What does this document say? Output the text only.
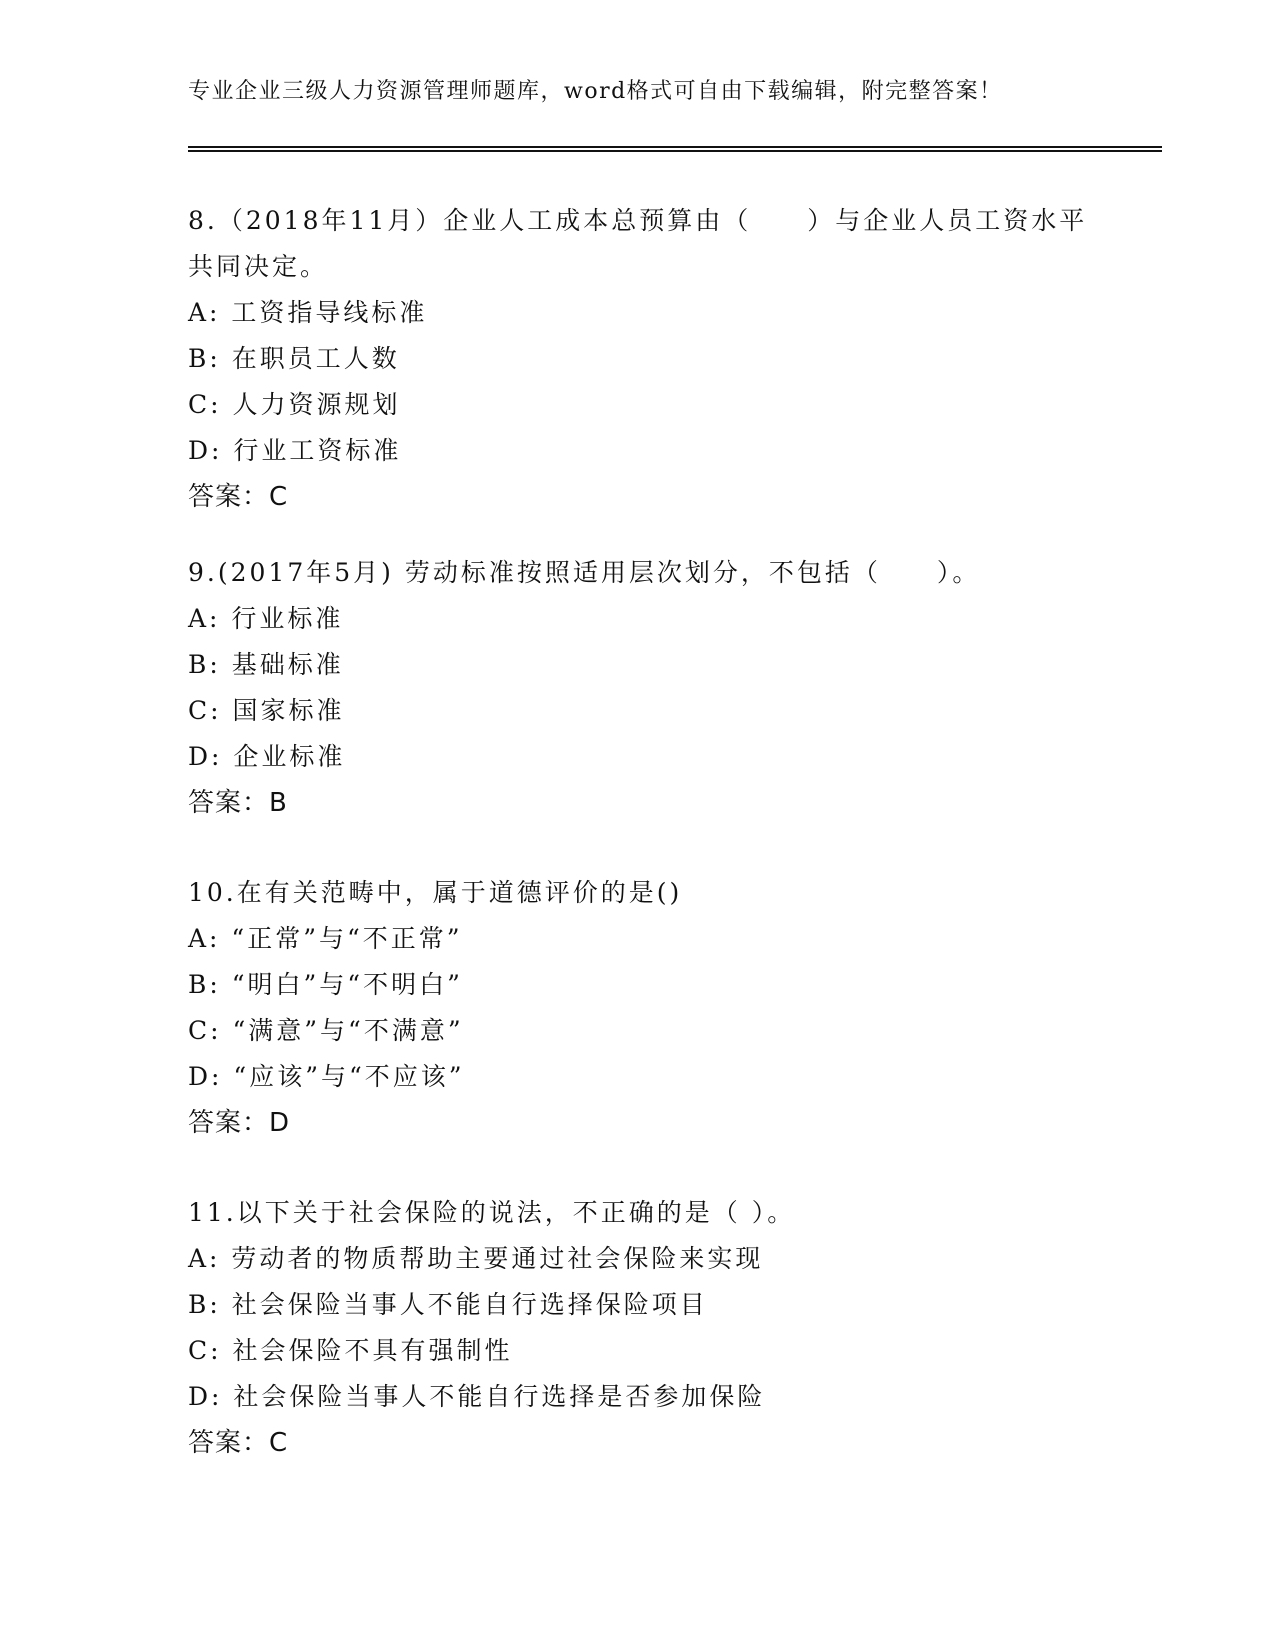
专业企业三级人力资源管理师题库，word格式可自由下载编辑，附完整答案！

8.（2018年11月）企业人工成本总预算由（　　）与企业人员工资水平共同决定。

A: 工资指导线标准

B: 在职员工人数

C: 人力资源规划

D: 行业工资标准

答案：C

9.(2017年5月) 劳动标准按照适用层次划分，不包括（　　）。

A: 行业标准

B: 基础标准

C: 国家标准

D: 企业标准

答案：B

10.在有关范畴中，属于道德评价的是()

A: “正常”与“不正常”

B: “明白”与“不明白”

C: “满意”与“不满意”

D: “应该”与“不应该”

答案：D

11.以下关于社会保险的说法，不正确的是（ ）。

A: 劳动者的物质帮助主要通过社会保险来实现

B: 社会保险当事人不能自行选择保险项目

C: 社会保险不具有强制性

D: 社会保险当事人不能自行选择是否参加保险

答案：C
